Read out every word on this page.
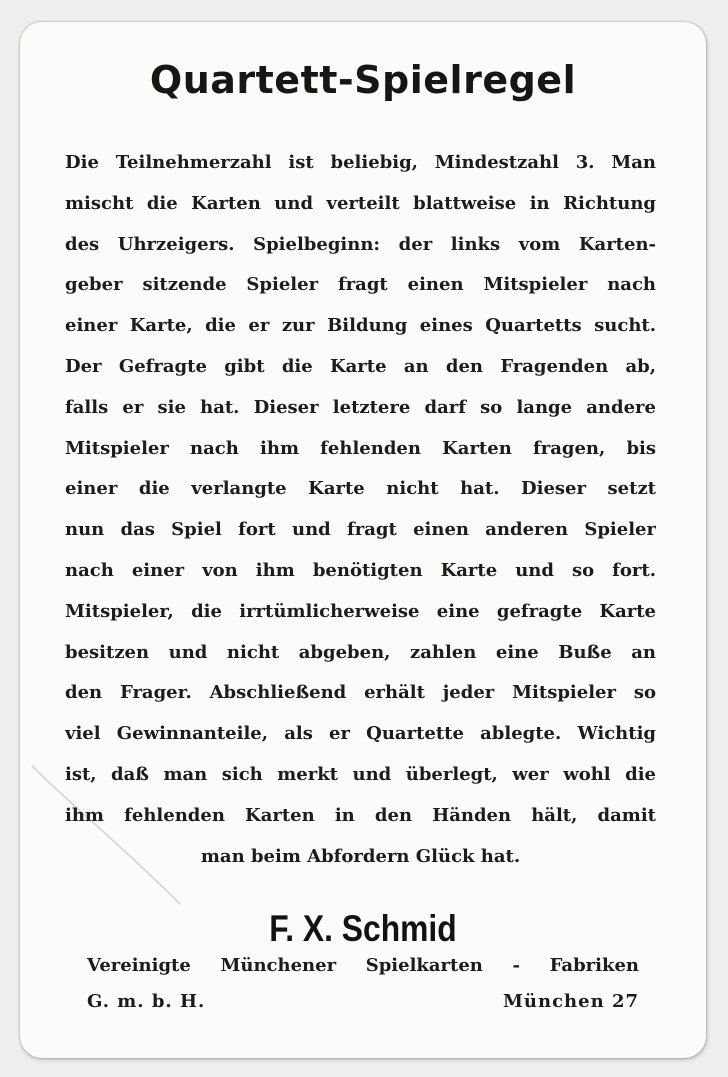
Quartett-Spielregel
Die Teilnehmerzahl ist beliebig, Mindestzahl 3. Man
mischt die Karten und verteilt blattweise in Richtung
des Uhrzeigers. Spielbeginn: der links vom Karten-
geber sitzende Spieler fragt einen Mitspieler nach
einer Karte, die er zur Bildung eines Quartetts sucht.
Der Gefragte gibt die Karte an den Fragenden ab,
falls er sie hat. Dieser letztere darf so lange andere
Mitspieler nach ihm fehlenden Karten fragen, bis
einer die verlangte Karte nicht hat. Dieser setzt
nun das Spiel fort und fragt einen anderen Spieler
nach einer von ihm benötigten Karte und so fort.
Mitspieler, die irrtümlicherweise eine gefragte Karte
besitzen und nicht abgeben, zahlen eine Buße an
den Frager. Abschließend erhält jeder Mitspieler so
viel Gewinnanteile, als er Quartette ablegte. Wichtig
ist, daß man sich merkt und überlegt, wer wohl die
ihm fehlenden Karten in den Händen hält, damit
man beim Abfordern Glück hat.
F. X. Schmid
Vereinigte Münchener Spielkarten - Fabriken
G. m. b. H.	München 27
